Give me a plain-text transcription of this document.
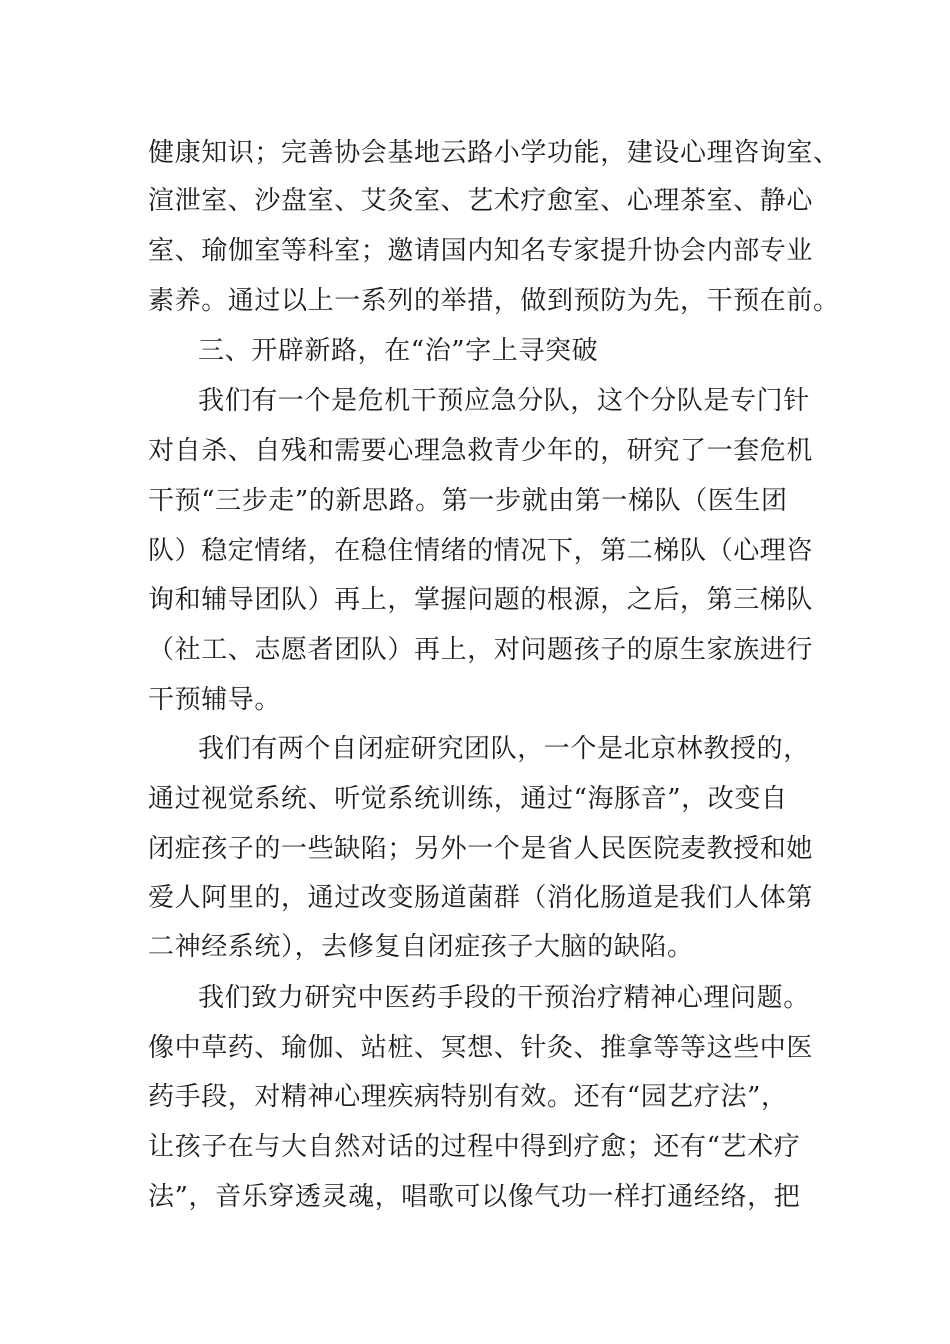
健康知识；完善协会基地云路小学功能，建设心理咨询室、
渲泄室、沙盘室、艾灸室、艺术疗愈室、心理茶室、静心
室、瑜伽室等科室；邀请国内知名专家提升协会内部专业
素养。通过以上一系列的举措，做到预防为先，干预在前。
三、开辟新路，在“治”字上寻突破
我们有一个是危机干预应急分队，这个分队是专门针
对自杀、自残和需要心理急救青少年的，研究了一套危机
干预“三步走”的新思路。第一步就由第一梯队（医生团
队）稳定情绪，在稳住情绪的情况下，第二梯队（心理咨
询和辅导团队）再上，掌握问题的根源，之后，第三梯队
（社工、志愿者团队）再上，对问题孩子的原生家族进行
干预辅导。
我们有两个自闭症研究团队，一个是北京林教授的，
通过视觉系统、听觉系统训练，通过“海豚音”，改变自
闭症孩子的一些缺陷；另外一个是省人民医院麦教授和她
爱人阿里的，通过改变肠道菌群（消化肠道是我们人体第
二神经系统），去修复自闭症孩子大脑的缺陷。
我们致力研究中医药手段的干预治疗精神心理问题。
像中草药、瑜伽、站桩、冥想、针灸、推拿等等这些中医
药手段，对精神心理疾病特别有效。还有“园艺疗法”，
让孩子在与大自然对话的过程中得到疗愈；还有“艺术疗
法”，音乐穿透灵魂，唱歌可以像气功一样打通经络，把
